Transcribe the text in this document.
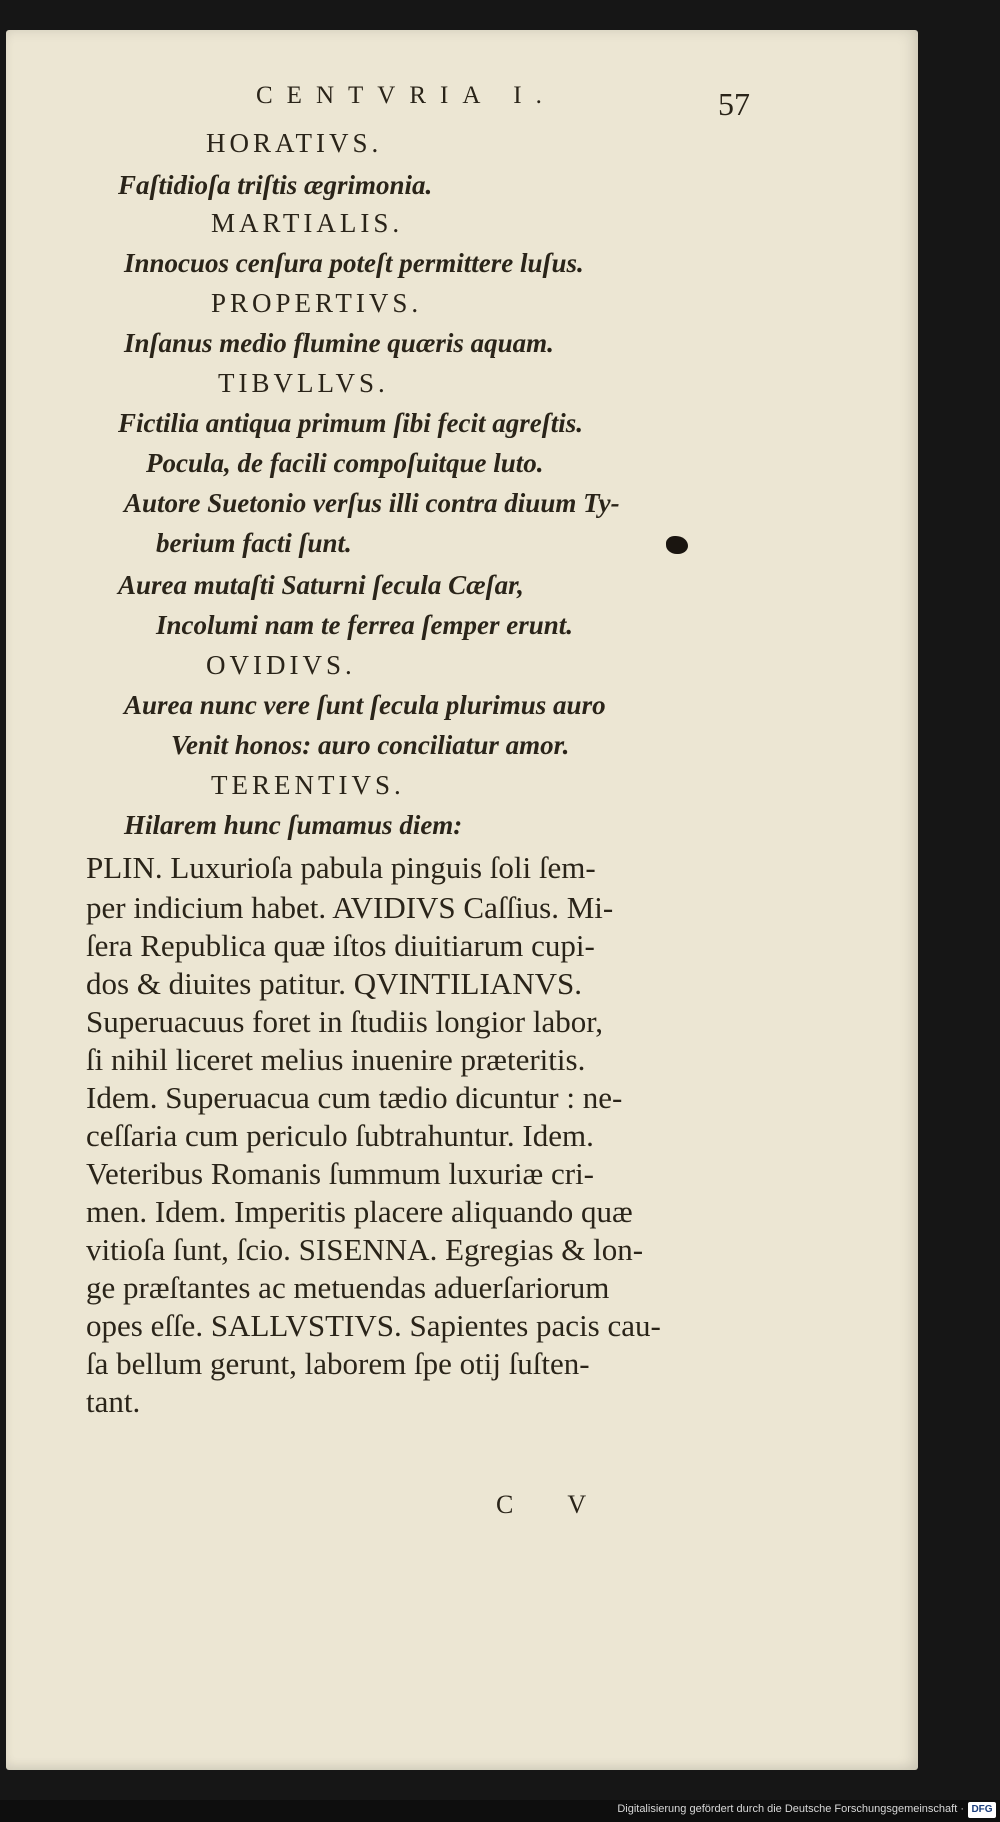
CENTVRIA I.	57
HORATIVS.
Faſtidioſa triſtis ægrimonia.
MARTIALIS.
Innocuos cenſura poteſt permittere luſus.
PROPERTIVS.
Inſanus medio flumine quæris aquam.
TIBVLLVS.
Fictilia antiqua primum ſibi fecit agreſtis.
Pocula, de facili compoſuitque luto.
Autore Suetonio verſus illi contra diuum Ty-
berium facti ſunt.
Aurea mutaſti Saturni ſecula Cæſar,
Incolumi nam te ferrea ſemper erunt.
OVIDIVS.
Aurea nunc vere ſunt ſecula plurimus auro
Venit honos: auro conciliatur amor.
TERENTIVS.
Hilarem hunc ſumamus diem:
PLIN. Luxurioſa pabula pinguis ſoli ſem-
per indicium habet. AVIDIVS Caſſius. Mi-
ſera Republica quæ iſtos diuitiarum cupi-
dos & diuites patitur. QVINTILIANVS.
Superuacuus foret in ſtudiis longior labor,
ſi nihil liceret melius inuenire præteritis.
Idem. Superuacua cum tædio dicuntur : ne-
ceſſaria cum periculo ſubtrahuntur. Idem.
Veteribus Romanis ſummum luxuriæ cri-
men. Idem. Imperitis placere aliquando quæ
vitioſa ſunt, ſcio. SISENNA. Egregias & lon-
ge præſtantes ac metuendas aduerſariorum
opes eſſe. SALLVSTIVS. Sapientes pacis cau-
ſa bellum gerunt, laborem ſpe otij ſuſten-
tant.
C V
Digitalisierung gefördert durch die Deutsche Forschungsgemeinschaft · DFG
